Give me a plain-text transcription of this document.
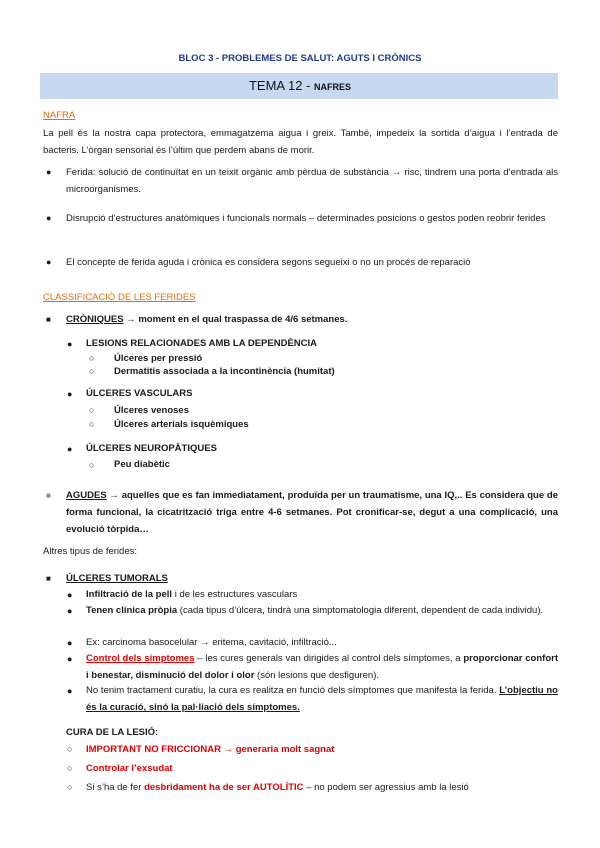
BLOC 3 - PROBLEMES DE SALUT: AGUTS I CRÒNICS
TEMA 12 - NAFRES
NAFRA
La pell és la nostra capa protectora, emmagatzema aigua i greix. També, impedeix la sortida d’aigua i l’entrada de bacteris. L’òrgan sensorial és l’últim que perdem abans de morir.
● Ferida: solució de continuïtat en un teixit orgànic amb pèrdua de substància → risc, tindrem una porta d’entrada als microorganismes.
● Disrupció d’estructures anatòmiques i funcionals normals – determinades posicions o gestos poden reobrir ferides
● El concepte de ferida aguda i crònica es considera segons segueixi o no un procés de reparació
CLASSIFICACIÓ DE LES FERIDES
■ CRÒNIQUES → moment en el qual traspassa de 4/6 setmanes.
● LESIONS RELACIONADES AMB LA DEPENDÈNCIA
○ Úlceres per pressió
○ Dermatitis associada a la incontinència (humitat)
● ÚLCERES VASCULARS
○ Úlceres venoses
○ Úlceres arterials isquèmiques
● ÚLCERES NEUROPÀTIQUES
○ Peu diabètic
■ AGUDES → aquelles que es fan immediatament, produïda per un traumatisme, una IQ,.. Es considera que de forma funcional, la cicatrització triga entre 4-6 setmanes. Pot cronificar-se, degut a una complicació, una evolució tòrpida…
Altres tipus de ferides:
■ ÚLCERES TUMORALS
● Infiltració de la pell i de les estructures vasculars
● Tenen clínica pròpia (cada tipus d’úlcera, tindrà una simptomatologia diferent, dependent de cada individu).
● Ex: carcinoma basocelular → eritema, cavitació, infiltració...
● Control dels símptomes – les cures generals van dirigides al control dels símptomes, a proporcionar confort i benestar, disminució del dolor i olor (són lesions que desfiguren).
● No tenim tractament curatiu, la cura es realitza en funció dels símptomes que manifesta la ferida. L’objectiu no és la curació, sinó la pal·liació dels símptomes.
CURA DE LA LESIÓ:
○ IMPORTANT NO FRICCIONAR → generaria molt sagnat
○ Controlar l’exsudat
○ Si s’ha de fer desbridament ha de ser AUTOLÍTIC – no podem ser agressius amb la lesió
